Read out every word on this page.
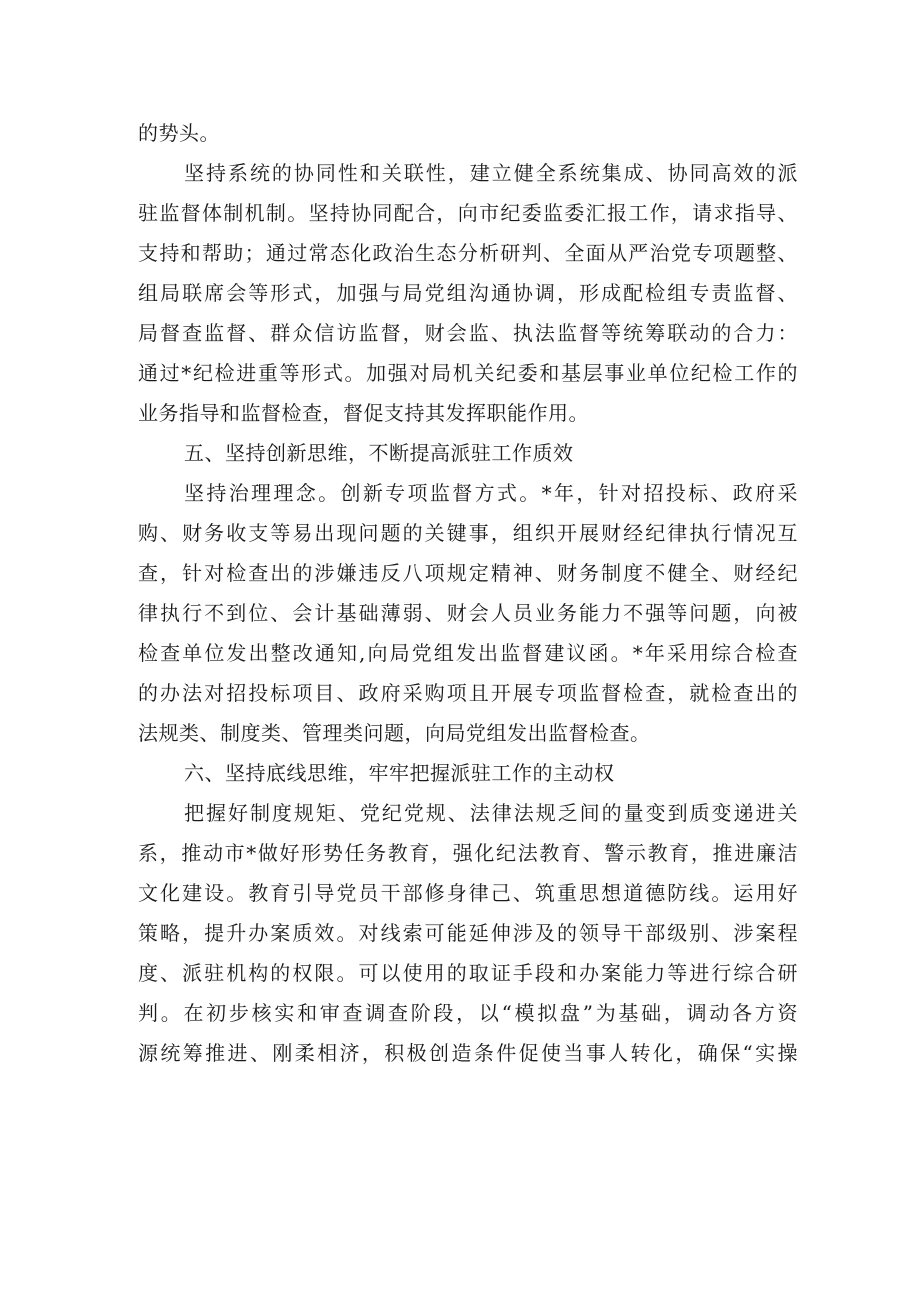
的势头。
坚持系统的协同性和关联性，建立健全系统集成、协同高效的派
驻监督体制机制。坚持协同配合，向市纪委监委汇报工作，请求指导、
支持和帮助；通过常态化政治生态分析研判、全面从严治党专项题整、
组局联席会等形式，加强与局党组沟通协调，形成配检组专责监督、
局督查监督、群众信访监督，财会监、执法监督等统筹联动的合力：
通过*纪检进重等形式。加强对局机关纪委和基层事业单位纪检工作的
业务指导和监督检查，督促支持其发挥职能作用。
五、坚持创新思维，不断提高派驻工作质效
坚持治理理念。创新专项监督方式。*年，针对招投标、政府采
购、财务收支等易出现问题的关键事，组织开展财经纪律执行情况互
查，针对检查出的涉嫌违反八项规定精神、财务制度不健全、财经纪
律执行不到位、会计基础薄弱、财会人员业务能力不强等问题，向被
检查单位发出整改通知,向局党组发出监督建议函。*年采用综合检查
的办法对招投标项目、政府采购项且开展专项监督检查，就检查出的
法规类、制度类、管理类问题，向局党组发出监督检查。
六、坚持底线思维，牢牢把握派驻工作的主动权
把握好制度规矩、党纪党规、法律法规乏间的量变到质变递进关
系，推动市*做好形势任务教育，强化纪法教育、警示教育，推进廉洁
文化建设。教育引导党员干部修身律己、筑重思想道德防线。运用好
策略，提升办案质效。对线索可能延伸涉及的领导干部级别、涉案程
度、派驻机构的权限。可以使用的取证手段和办案能力等进行综合研
判。在初步核实和审查调查阶段，以“模拟盘”为基础，调动各方资
源统筹推进、刚柔相济，积极创造条件促使当事人转化，确保“实操
